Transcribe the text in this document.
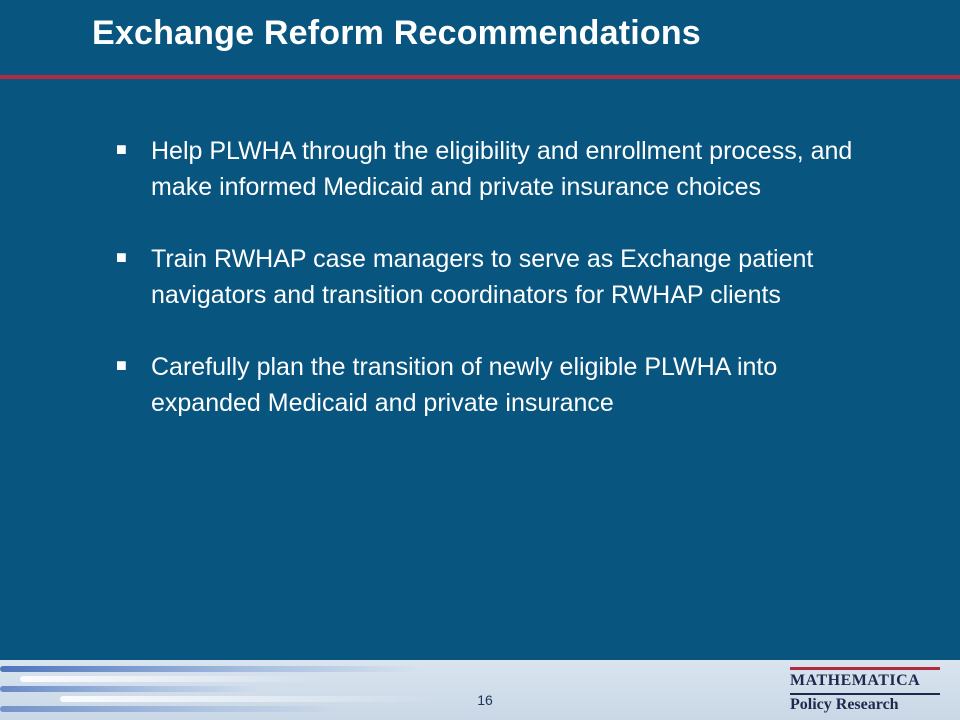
Exchange Reform Recommendations
■ Help PLWHA through the eligibility and enrollment process, and make informed Medicaid and private insurance choices
■ Train RWHAP case managers to serve as Exchange patient navigators and transition coordinators for RWHAP clients
■ Carefully plan the transition of newly eligible PLWHA into expanded Medicaid and private insurance
16
MATHEMATICA
Policy Research
